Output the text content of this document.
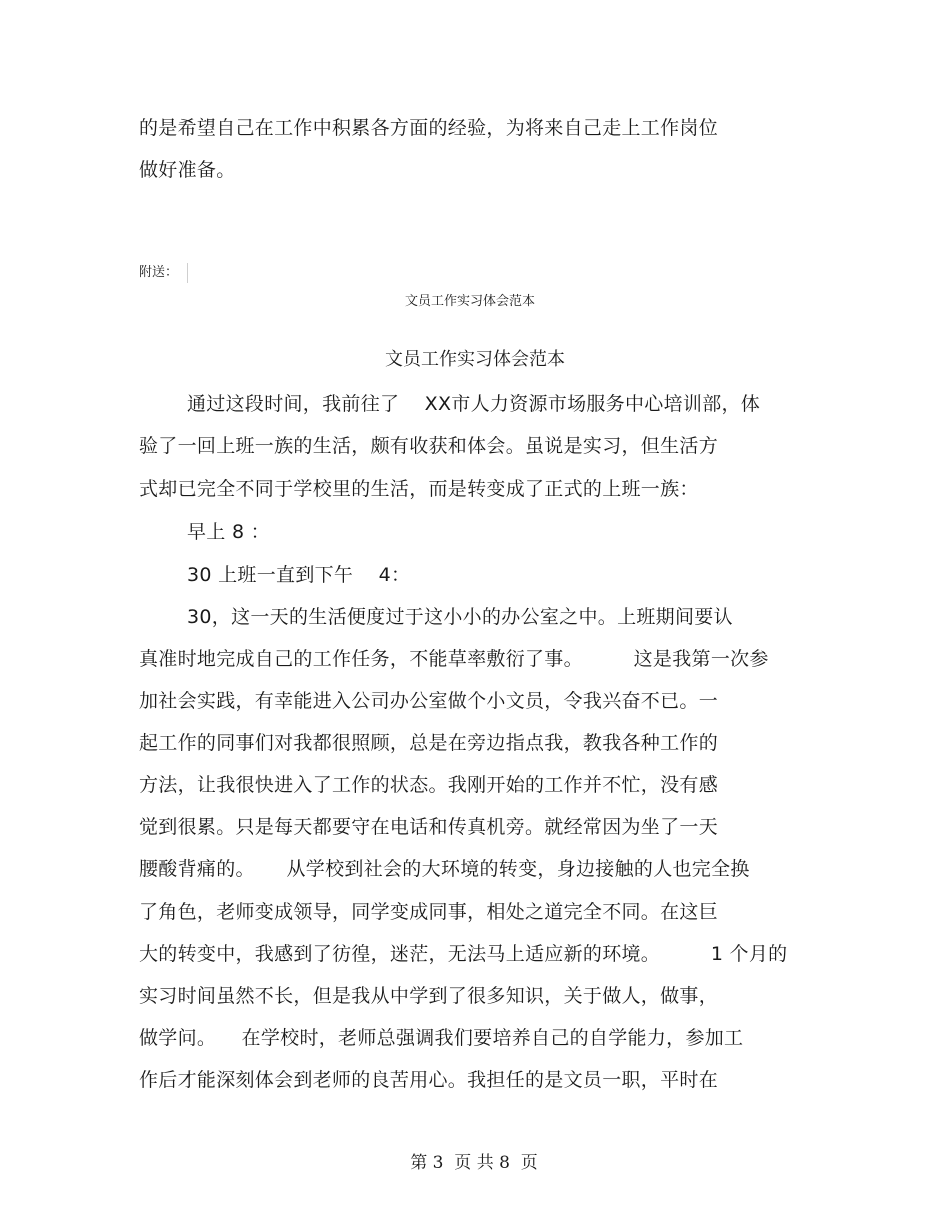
的是希望自己在工作中积累各方面的经验，为将来自己走上工作岗位
做好准备。
附送：
文员工作实习体会范本
文员工作实习体会范本
通过这段时间，我前往了    XX市人力资源市场服务中心培训部，体
验了一回上班一族的生活，颇有收获和体会。虽说是实习，但生活方
式却已完全不同于学校里的生活，而是转变成了正式的上班一族：
早上 8 ：
30 上班一直到下午    4：
30，这一天的生活便度过于这小小的办公室之中。上班期间要认
真准时地完成自己的工作任务，不能草率敷衍了事。        这是我第一次参
加社会实践，有幸能进入公司办公室做个小文员，令我兴奋不已。一
起工作的同事们对我都很照顾，总是在旁边指点我，教我各种工作的
方法，让我很快进入了工作的状态。我刚开始的工作并不忙，没有感
觉到很累。只是每天都要守在电话和传真机旁。就经常因为坐了一天
腰酸背痛的。     从学校到社会的大环境的转变，身边接触的人也完全换
了角色，老师变成领导，同学变成同事，相处之道完全不同。在这巨
大的转变中，我感到了彷徨，迷茫，无法马上适应新的环境。        1 个月的
实习时间虽然不长，但是我从中学到了很多知识，关于做人，做事，
做学问。    在学校时，老师总强调我们要培养自己的自学能力，参加工
作后才能深刻体会到老师的良苦用心。我担任的是文员一职，平时在
第 3  页 共 8  页
